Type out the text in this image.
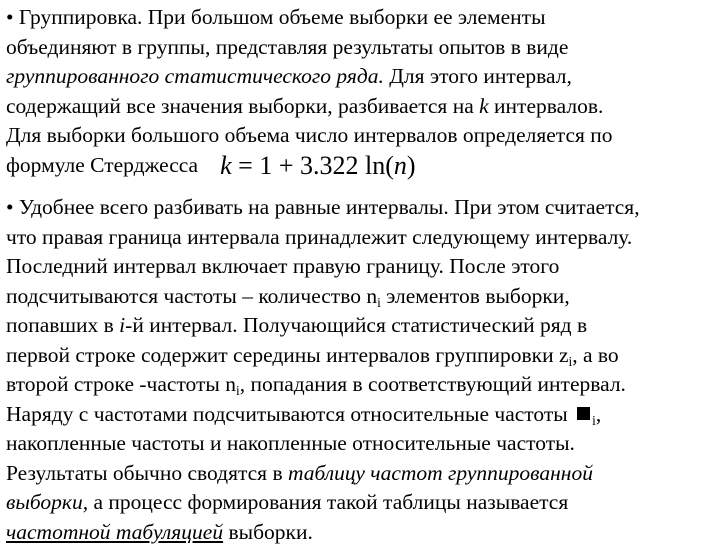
• Группировка. При большом объеме выборки ее элементы
объединяют в группы, представляя результаты опытов в виде
группированного статистического ряда. Для этого интервал,
содержащий все значения выборки, разбивается на k интервалов.
Для выборки большого объема число интервалов определяется по
формуле Стерджесса k = 1 + 3.322 ln(n)

• Удобнее всего разбивать на равные интервалы. При этом считается,
что правая граница интервала принадлежит следующему интервалу.
Последний интервал включает правую границу. После этого
подсчитываются частоты – количество $n_i$ элементов выборки,
попавших в i-й интервал. Получающийся статистический ряд в
первой строке содержит середины интервалов группировки $z_i$, а во
второй строке -частоты $n_i$, попадания в соответствующий интервал.
Наряду с частотами подсчитываются относительные частоты $_i$,
накопленные частоты и накопленные относительные частоты.
Результаты обычно сводятся в таблицу частот группированной
выборки, а процесс формирования такой таблицы называется
частотной табуляцией выборки.
